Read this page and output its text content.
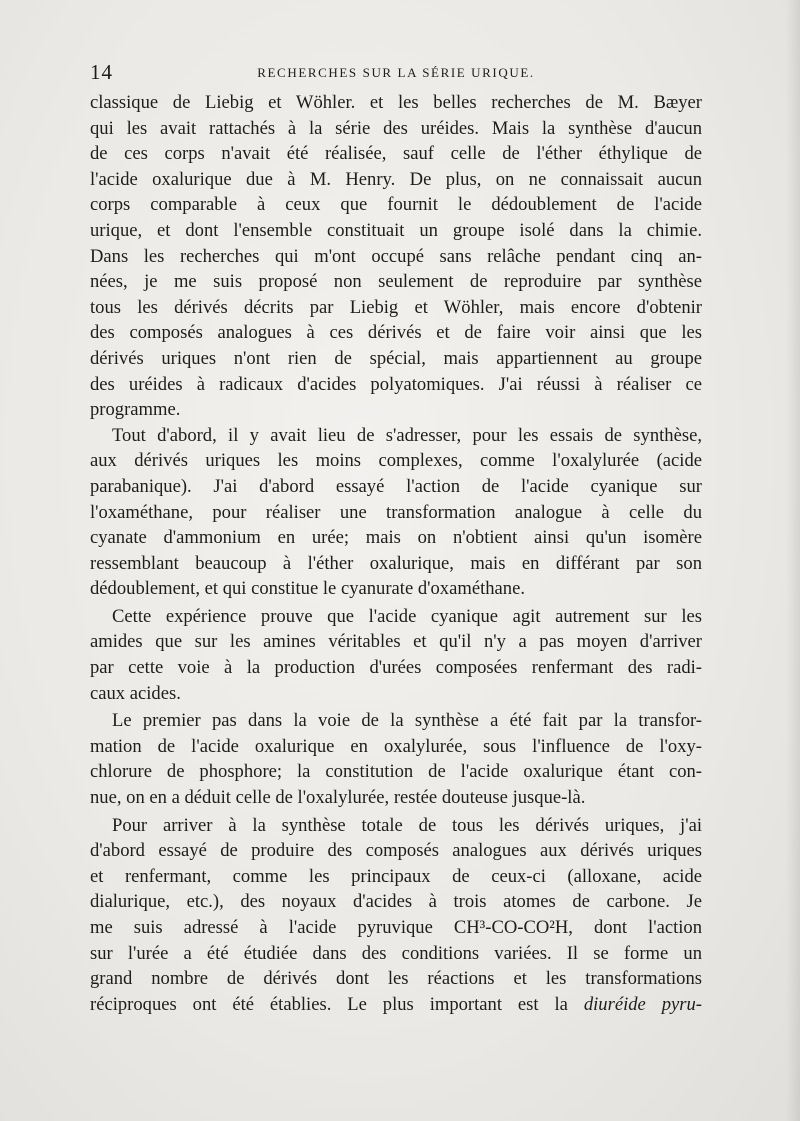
14	RECHERCHES SUR LA SÉRIE URIQUE.
classique de Liebig et Wöhler. et les belles recherches de M. Bæyer
qui les avait rattachés à la série des uréides. Mais la synthèse d'aucun
de ces corps n'avait été réalisée, sauf celle de l'éther éthylique de
l'acide oxalurique due à M. Henry. De plus, on ne connaissait aucun
corps comparable à ceux que fournit le dédoublement de l'acide
urique, et dont l'ensemble constituait un groupe isolé dans la chimie.
Dans les recherches qui m'ont occupé sans relâche pendant cinq an-
nées, je me suis proposé non seulement de reproduire par synthèse
tous les dérivés décrits par Liebig et Wöhler, mais encore d'obtenir
des composés analogues à ces dérivés et de faire voir ainsi que les
dérivés uriques n'ont rien de spécial, mais appartiennent au groupe
des uréides à radicaux d'acides polyatomiques. J'ai réussi à réaliser ce
programme.
Tout d'abord, il y avait lieu de s'adresser, pour les essais de synthèse,
aux dérivés uriques les moins complexes, comme l'oxalylurée (acide
parabanique). J'ai d'abord essayé l'action de l'acide cyanique sur
l'oxaméthane, pour réaliser une transformation analogue à celle du
cyanate d'ammonium en urée; mais on n'obtient ainsi qu'un isomère
ressemblant beaucoup à l'éther oxalurique, mais en différant par son
dédoublement, et qui constitue le cyanurate d'oxaméthane.
Cette expérience prouve que l'acide cyanique agit autrement sur les
amides que sur les amines véritables et qu'il n'y a pas moyen d'arriver
par cette voie à la production d'urées composées renfermant des radi-
caux acides.
Le premier pas dans la voie de la synthèse a été fait par la transfor-
mation de l'acide oxalurique en oxalylurée, sous l'influence de l'oxy-
chlorure de phosphore; la constitution de l'acide oxalurique étant con-
nue, on en a déduit celle de l'oxalylurée, restée douteuse jusque-là.
Pour arriver à la synthèse totale de tous les dérivés uriques, j'ai
d'abord essayé de produire des composés analogues aux dérivés uriques
et renfermant, comme les principaux de ceux-ci (alloxane, acide
dialurique, etc.), des noyaux d'acides à trois atomes de carbone. Je
me suis adressé à l'acide pyruvique CH³-CO-CO²H, dont l'action
sur l'urée a été étudiée dans des conditions variées. Il se forme un
grand nombre de dérivés dont les réactions et les transformations
réciproques ont été établies. Le plus important est la diuréide pyru-
